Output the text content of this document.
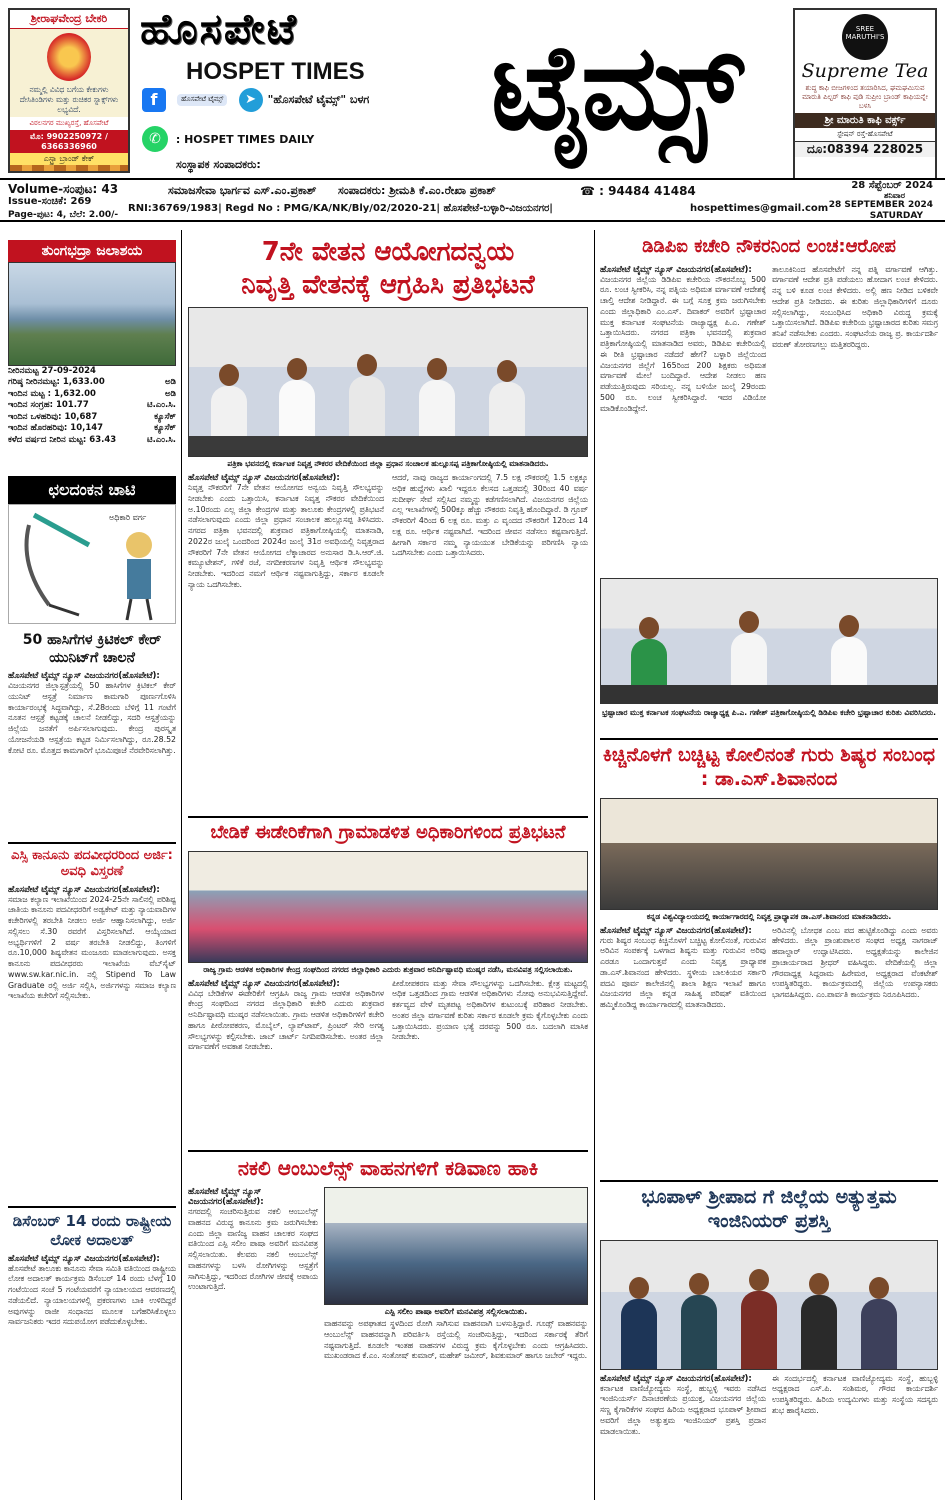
ಶ್ರೀರಾಘವೇಂದ್ರ ಬೇಕರಿ
ನಮ್ಮಲ್ಲಿ ವಿವಿಧ ಬಗೆಯ ಕೇಕುಗಳು ದೇಸಿತಿಂಡಿಗಳು ಮತ್ತು ರುಚಿಕರ ಸ್ನಾಕ್ಸ್‌ಗಳು ಲಭ್ಯವಿದೆ.
ವಿಠಲನಗರ ಮುಖ್ಯರಸ್ತೆ, ಹೊಸಪೇಟೆ
ಮೊ: 9902250972 / 6366336960
ಎಸ್ಟ್ರಾ ಬ್ರಾಂಡ್ ಕೇಕ್
ಹೊಸಪೇಟೆ
HOSPET TIMES	ಟೈಮ್ಸ್
f	ಹೊಸಪೇಟೆ ಟೈಮ್ಸ್ ➤ "ಹೊಸಪೇಟೆ ಟೈಮ್ಸ್" ಬಳಗ
✆ : HOSPET TIMES DAILY
ಸಂಸ್ಥಾಪಕ ಸಂಪಾದಕರು:
SREE MARUTHI'S
Supreme Tea
ಶುದ್ಧ ಕಾಫಿ ಬೀಜಗಳಿಂದ ತಯಾರಿಸಿದ, ಘಮಘಮಿಸುವ ಮಾರುತಿ ಪಿಲ್ಟರ್ ಕಾಫಿ ಪುಡಿ ಸುಪ್ರೀಂ ಬ್ರಾಂಡ್ ಕಾಫಿಯನ್ನೇ ಬಳಸಿ
ಶ್ರೀ ಮಾರುತಿ ಕಾಫಿ ವರ್ಕ್ಸ್
ಸ್ಟೇಷನ್ ರಸ್ತೆ-ಹೊಸಪೇಟೆ
ದೂ:08394 228025
Volume-ಸಂಪುಟ: 43
Issue-ಸಂಚಿಕೆ: 269
Page-ಪುಟ: 4, ಬೆಲೆ: 2.00/-
ಸಮಾಜಸೇವಾ ಭಾರ್ಗವ ಎಸ್.ಎಂ.ಪ್ರಕಾಶ್ ಸಂಪಾದಕರು: ಶ್ರೀಮತಿ ಕೆ.ಎಂ.ರೇಖಾ ಪ್ರಕಾಶ್	☎ : 94484 41484
RNI:36769/1983| Regd No : PMG/KA/NK/Bly/02/2020-21| ಹೊಸಪೇಟೆ-ಬಳ್ಳಾರಿ-ವಿಜಯನಗರ|	hospettimes@gmail.com
28 ಸೆಪ್ಟೆಂಬರ್ 2024
ಶನಿವಾರ
28 SEPTEMBER 2024
SATURDAY
ತುಂಗಭದ್ರಾ ಜಲಾಶಯ
ನೀರಿನಮಟ್ಟ 27-09-2024
ಗರಿಷ್ಠ ನೀರಿನಮಟ್ಟ: 1,633.00	ಅಡಿ
ಇಂದಿನ ಮಟ್ಟ : 1,632.00	ಅಡಿ
ಇಂದಿನ ಸಂಗ್ರಹ: 101.77	ಟಿ.ಎಂ.ಸಿ.
ಇಂದಿನ ಒಳಹರಿವು: 10,687	ಕ್ಯೂಸೆಕ್
ಇಂದಿನ ಹೊರಹರಿವು: 10,147	ಕ್ಯೂಸೆಕ್
ಕಳೆದ ವರ್ಷದ ನೀರಿನ ಮಟ್ಟ: 63.43	ಟಿ.ಎಂ.ಸಿ.
ಛಲದಂಕನ ಚಾಟಿ
ಅಧಿಕಾರಿ ವರ್ಗ
50 ಹಾಸಿಗೆಗಳ ಕ್ರಿಟಿಕಲ್ ಕೇರ್ ಯುನಿಟ್‌ಗೆ ಚಾಲನೆ
ಹೊಸಪೇಟೆ ಟೈಮ್ಸ್ ನ್ಯೂಸ್ ವಿಜಯನಗರ(ಹೊಸಪೇಟೆ):
ವಿಜಯನಗರ ಜಿಲ್ಲಾಸ್ಪತ್ರೆಯಲ್ಲಿ 50 ಹಾಸಿಗೆಗಳ ಕ್ರಿಟಿಕಲ್ ಕೇರ್ ಯುನಿಟ್ ಆಸ್ಪತ್ರೆ ನಿರ್ಮಾಣ ಕಾಮಗಾರಿ ಪೂರ್ಣಗೊಳಿಸಿ ಕಾರ್ಯಾರಂಭಕ್ಕೆ ಸಿದ್ಧವಾಗಿದ್ದು, ಸೆ.28ರಂದು ಬೆಳಿಗ್ಗೆ 11 ಗಂಟೆಗೆ ನೂತನ ಆಸ್ಪತ್ರೆ ಕಟ್ಟಡಕ್ಕೆ ಚಾಲನೆ ನೀಡಲಿದ್ದು, ಸದರಿ ಆಸ್ಪತ್ರೆಯನ್ನು ಜಿಲ್ಲೆಯ ಜನತೆಗೆ ಅರ್ಪಿಸಲಾಗುವುದು. ಕೇಂದ್ರ ಪುರಸ್ಕೃತ ಯೋಜನೆಯಡಿ ಆಸ್ಪತ್ರೆಯ ಕಟ್ಟಡ ನಿರ್ಮಿಸಲಾಗಿದ್ದು, ರೂ.28.52 ಕೋಟಿ ರೂ. ಮೊತ್ತದ ಕಾಮಗಾರಿಗೆ ಭೂಮಿಪೂಜೆ ನೆರವೇರಿಸಲಾಗಿತ್ತು.
ಎಸ್ಸಿ ಕಾನೂನು ಪದವೀಧರರಿಂದ ಅರ್ಜಿ: ಅವಧಿ ವಿಸ್ತರಣೆ
ಹೊಸಪೇಟೆ ಟೈಮ್ಸ್ ನ್ಯೂಸ್ ವಿಜಯನಗರ(ಹೊಸಪೇಟೆ):
ಸಮಾಜ ಕಲ್ಯಾಣ ಇಲಾಖೆಯಿಂದ 2024-25ನೇ ಸಾಲಿನಲ್ಲಿ ಪರಿಶಿಷ್ಟ ಜಾತಿಯ ಕಾನೂನು ಪದವೀಧರರಿಗೆ ಅಡ್ವಕೇಟ್ ಮತ್ತು ನ್ಯಾಯವಾದಿಗಳ ಕಚೇರಿಗಳಲ್ಲಿ ತರಬೇತಿ ನೀಡಲು ಅರ್ಜಿ ಆಹ್ವಾನಿಸಲಾಗಿದ್ದು, ಅರ್ಜಿ ಸಲ್ಲಿಸಲು ಸೆ.30 ರವರೆಗೆ ವಿಸ್ತರಿಸಲಾಗಿದೆ. ಆಯ್ಕೆಯಾದ ಅಭ್ಯರ್ಥಿಗಳಿಗೆ 2 ವರ್ಷ ತರಬೇತಿ ನೀಡಲಿದ್ದು, ತಿಂಗಳಿಗೆ ರೂ.10,000 ಶಿಷ್ಯವೇತನ ಮಂಜೂರು ಮಾಡಲಾಗುವುದು. ಅಸಕ್ತ ಕಾನೂನು ಪದವೀಧರರು ಇಲಾಖೆಯ ವೆಬ್‌ಸೈಟ್ www.sw.kar.nic.in. ನಲ್ಲಿ Stipend To Law Graduate ರಲ್ಲಿ ಅರ್ಜಿ ಸಲ್ಲಿಸಿ, ಅರ್ಜಿಗಳನ್ನು ಸಮಾಜ ಕಲ್ಯಾಣ ಇಲಾಖೆಯ ಕಚೇರಿಗೆ ಸಲ್ಲಿಸಬೇಕು.
ಡಿಸೆಂಬರ್ 14 ರಂದು ರಾಷ್ಟ್ರೀಯ ಲೋಕ ಅದಾಲತ್
ಹೊಸಪೇಟೆ ಟೈಮ್ಸ್ ನ್ಯೂಸ್ ವಿಜಯನಗರ(ಹೊಸಪೇಟೆ):
ಹೊಸಪೇಟೆ ತಾಲೂಕು ಕಾನೂನು ಸೇವಾ ಸಮಿತಿ ವತಿಯಿಂದ ರಾಷ್ಟ್ರೀಯ ಲೋಕ ಅದಾಲತ್ ಕಾರ್ಯಕ್ರಮ ಡಿಸೆಂಬರ್ 14 ರಂದು ಬೆಳಗ್ಗೆ 10 ಗಂಟೆಯಿಂದ ಸಂಜೆ 5 ಗಂಟೆಯವರೆಗೆ ನ್ಯಾಯಾಲಯದ ಆವರಣದಲ್ಲಿ ನಡೆಯಲಿದೆ. ನ್ಯಾಯಾಲಯಗಳಲ್ಲಿ ಪ್ರಕರಣಗಳು ಬಾಕಿ ಉಳಿದಿದ್ದರೆ ಅವುಗಳನ್ನು ರಾಜೀ ಸಂಧಾನದ ಮೂಲಕ ಬಗೆಹರಿಸಿಕೊಳ್ಳಲು ಸಾರ್ವಜನಿಕರು ಇದರ ಸದುಪಯೋಗ ಪಡೆದುಕೊಳ್ಳಬೇಕು.
7ನೇ ವೇತನ ಆಯೋಗದನ್ವಯ
ನಿವೃತ್ತಿ ವೇತನಕ್ಕೆ ಆಗ್ರಹಿಸಿ ಪ್ರತಿಭಟನೆ
ಪತ್ರಿಕಾ ಭವನದಲ್ಲಿ ಕರ್ನಾಟಕ ನಿವೃತ್ತ ನೌಕರರ ವೇದಿಕೆಯಿಂದ ಜಿಲ್ಲಾ ಪ್ರಧಾನ ಸಂಚಾಲಕ ಹುಲ್ಲೂಸಪ್ಪ ಪತ್ರಿಕಾಗೋಷ್ಠಿಯಲ್ಲಿ ಮಾತನಾಡಿದರು.
ಹೊಸಪೇಟೆ ಟೈಮ್ಸ್ ನ್ಯೂಸ್ ವಿಜಯನಗರ(ಹೊಸಪೇಟೆ):
ನಿವೃತ್ತ ನೌಕರರಿಗೆ 7ನೇ ವೇತನ ಆಯೋಗದ ಅನ್ವಯ ನಿವೃತ್ತಿ ಸೌಲಭ್ಯವನ್ನು ನೀಡಬೇಕು ಎಂದು ಒತ್ತಾಯಿಸಿ, ಕರ್ನಾಟಕ ನಿವೃತ್ತ ನೌಕರರ ವೇದಿಕೆಯಿಂದ ಅ.10ರಂದು ಎಲ್ಲ ಜಿಲ್ಲಾ ಕೇಂದ್ರಗಳ ಮತ್ತು ತಾಲೂಕು ಕೇಂದ್ರಗಳಲ್ಲಿ ಪ್ರತಿಭಟನೆ ನಡೆಸಲಾಗುವುದು ಎಂದು ಜಿಲ್ಲಾ ಪ್ರಧಾನ ಸಂಚಾಲಕ ಹುಲ್ಲೂಸಪ್ಪ ತಿಳಿಸಿದರು. ನಗರದ ಪತ್ರಿಕಾ ಭವನದಲ್ಲಿ ಶುಕ್ರವಾರ ಪತ್ರಿಕಾಗೋಷ್ಠಿಯಲ್ಲಿ ಮಾತನಾಡಿ, 2022ರ ಜುಲೈ ಒಂದರಿಂದ 2024ರ ಜುಲೈ 31ರ ಅವಧಿಯಲ್ಲಿ ನಿವೃತ್ತರಾದ ನೌಕರರಿಗೆ 7ನೇ ವೇತನ ಆಯೋಗದ ಲೆಕ್ಕಾಚಾರದ ಅನುಸಾರ ಡಿ.ಸಿ.ಆರ್.ಜಿ. ಕಮ್ಯೂಟೇಶನ್, ಗಳಿಕೆ ರಜೆ, ನಗದೀಕರಣಗಳ ನಿವೃತ್ತಿ ಆರ್ಥಿಕ ಸೌಲಭ್ಯವನ್ನು ನೀಡಬೇಕು. ಇದರಿಂದ ನಮಗೆ ಆರ್ಥಿಕ ನಷ್ಟವಾಗುತ್ತಿದ್ದು, ಸರ್ಕಾರ ಕೂಡಲೇ ನ್ಯಾಯ ಒದಗಿಸಬೇಕು.
ಆದರೆ, ನಾವು ರಾಜ್ಯದ ಕಾರ್ಯಾಂಗದಲ್ಲಿ 7.5 ಲಕ್ಷ ನೌಕರರಲ್ಲಿ 1.5 ಲಕ್ಷಕ್ಕೂ ಅಧಿಕ ಹುದ್ದೆಗಳು ಖಾಲಿ ಇದ್ದರೂ ಕೆಲಸದ ಒತ್ತಡದಲ್ಲಿ 30ರಿಂದ 40 ವರ್ಷ ಸುದೀರ್ಘ ಸೇವೆ ಸಲ್ಲಿಸಿದ ನಮ್ಮನ್ನು ಕಡೆಗಣಿಸಲಾಗಿದೆ. ವಿಜಯನಗರ ಜಿಲ್ಲೆಯ ಎಲ್ಲ ಇಲಾಖೆಗಳಲ್ಲಿ 500ಕ್ಕೂ ಹೆಚ್ಚು ನೌಕರರು ನಿವೃತ್ತಿ ಹೊಂದಿದ್ದಾರೆ. ಡಿ ಗ್ರೂಪ್ ನೌಕರರಿಗೆ 4ರಿಂದ 6 ಲಕ್ಷ ರೂ. ಮತ್ತು ಎ ವೃಂದದ ನೌಕರರಿಗೆ 12ರಿಂದ 14 ಲಕ್ಷ ರೂ. ಆರ್ಥಿಕ ನಷ್ಟವಾಗಿದೆ. ಇದರಿಂದ ಜೀವನ ನಡೆಸಲು ಕಷ್ಟವಾಗುತ್ತಿದೆ. ಹೀಗಾಗಿ ಸರ್ಕಾರ ನಮ್ಮ ನ್ಯಾಯಯುತ ಬೇಡಿಕೆಯನ್ನು ಪರಿಗಣಿಸಿ ನ್ಯಾಯ ಒದಗಿಸಬೇಕು ಎಂದು ಒತ್ತಾಯಿಸಿದರು.
ಬೇಡಿಕೆ ಈಡೇರಿಕೆಗಾಗಿ ಗ್ರಾಮಾಡಳಿತ ಅಧಿಕಾರಿಗಳಿಂದ ಪ್ರತಿಭಟನೆ
ರಾಜ್ಯ ಗ್ರಾಮ ಆಡಳಿತ ಅಧಿಕಾರಿಗಳ ಕೇಂದ್ರ ಸಂಘದಿಂದ ನಗರದ ಜಿಲ್ಲಾಧಿಕಾರಿ ಎದುರು ಶುಕ್ರವಾರ ಅನಿರ್ದಿಷ್ಟಾವಧಿ ಮುಷ್ಕರ ನಡೆಸಿ, ಮನವಿಪತ್ರ ಸಲ್ಲಿಸಲಾಯಿತು.
ಹೊಸಪೇಟೆ ಟೈಮ್ಸ್ ನ್ಯೂಸ್ ವಿಜಯನಗರ(ಹೊಸಪೇಟೆ):
ವಿವಿಧ ಬೇಡಿಕೆಗಳ ಈಡೇರಿಕೆಗೆ ಆಗ್ರಹಿಸಿ ರಾಜ್ಯ ಗ್ರಾಮ ಆಡಳಿತ ಅಧಿಕಾರಿಗಳ ಕೇಂದ್ರ ಸಂಘದಿಂದ ನಗರದ ಜಿಲ್ಲಾಧಿಕಾರಿ ಕಚೇರಿ ಎದುರು ಶುಕ್ರವಾರ ಅನಿರ್ದಿಷ್ಟಾವಧಿ ಮುಷ್ಕರ ನಡೆಸಲಾಯಿತು. ಗ್ರಾಮ ಆಡಳಿತ ಅಧಿಕಾರಿಗಳಿಗೆ ಕಚೇರಿ ಹಾಗೂ ಪೀಠೋಪಕರಣ, ಮೊಬೈಲ್, ಲ್ಯಾಪ್‌ಟಾಪ್, ಪ್ರಿಂಟರ್ ಸೇರಿ ಅಗತ್ಯ ಸೌಲಭ್ಯಗಳನ್ನು ಕಲ್ಪಿಸಬೇಕು. ಜಾಬ್ ಚಾರ್ಟ್ ನಿಗದಿಪಡಿಸಬೇಕು. ಅಂತರ ಜಿಲ್ಲಾ ವರ್ಗಾವಣೆಗೆ ಅವಕಾಶ ನೀಡಬೇಕು.
ಪೀಠೋಪಕರಣ ಮತ್ತು ಸೇವಾ ಸೌಲಭ್ಯಗಳನ್ನು ಒದಗಿಸಬೇಕು. ಕ್ಷೇತ್ರ ಮಟ್ಟದಲ್ಲಿ ಅಧಿಕ ಒತ್ತಡದಿಂದ ಗ್ರಾಮ ಆಡಳಿತ ಅಧಿಕಾರಿಗಳು ನೋವು ಅನುಭವಿಸುತ್ತಿದ್ದೇವೆ. ಕರ್ತವ್ಯದ ವೇಳೆ ಮೃತಪಟ್ಟ ಅಧಿಕಾರಿಗಳ ಕುಟುಂಬಕ್ಕೆ ಪರಿಹಾರ ನೀಡಬೇಕು. ಅಂತರ ಜಿಲ್ಲಾ ವರ್ಗಾವಣೆ ಕುರಿತು ಸರ್ಕಾರ ಕೂಡಲೇ ಕ್ರಮ ಕೈಗೊಳ್ಳಬೇಕು ಎಂದು ಒತ್ತಾಯಿಸಿದರು. ಪ್ರಯಾಣ ಭತ್ಯೆ ದರವನ್ನು 500 ರೂ. ಬದಲಾಗಿ ಮಾಸಿಕ ನೀಡಬೇಕು.
ನಕಲಿ ಆಂಬುಲೆನ್ಸ್ ವಾಹನಗಳಿಗೆ ಕಡಿವಾಣ ಹಾಕಿ
ಹೊಸಪೇಟೆ ಟೈಮ್ಸ್ ನ್ಯೂಸ್ ವಿಜಯನಗರ(ಹೊಸಪೇಟೆ):
ನಗರದಲ್ಲಿ ಸಂಚರಿಸುತ್ತಿರುವ ನಕಲಿ ಆಂಬುಲೆನ್ಸ್ ವಾಹನದ ವಿರುದ್ಧ ಕಾನೂನು ಕ್ರಮ ಜರುಗಿಸಬೇಕು ಎಂದು ಜಿಲ್ಲಾ ವಾಣಿಜ್ಯ ವಾಹನ ಚಾಲಕರ ಸಂಘದ ವತಿಯಿಂದ ಎಸ್ಪಿ ಸಲೀಂ ಪಾಷಾ ಅವರಿಗೆ ಮನವಿಪತ್ರ ಸಲ್ಲಿಸಲಾಯಿತು. ಕೆಲವರು ನಕಲಿ ಆಂಬುಲೆನ್ಸ್ ವಾಹನಗಳನ್ನು ಬಳಸಿ ರೋಗಿಗಳನ್ನು ಆಸ್ಪತ್ರೆಗೆ ಸಾಗಿಸುತ್ತಿದ್ದು, ಇದರಿಂದ ರೋಗಿಗಳ ಜೀವಕ್ಕೆ ಅಪಾಯ ಉಂಟಾಗುತ್ತಿದೆ.
ಎಸ್ಪಿ ಸಲೀಂ ಪಾಷಾ ಅವರಿಗೆ ಮನವಿಪತ್ರ ಸಲ್ಲಿಸಲಾಯಿತು.
ವಾಹನವನ್ನು ಅಪಘಾತದ ಸ್ಥಳದಿಂದ ರೋಗಿ ಸಾಗಿಸುವ ವಾಹನವಾಗಿ ಬಳಸುತ್ತಿದ್ದಾರೆ. ಗೂಡ್ಸ್ ವಾಹನವನ್ನು ಆಂಬುಲೆನ್ಸ್ ವಾಹನವನ್ನಾಗಿ ಪರಿವರ್ತಿಸಿ ರಸ್ತೆಯಲ್ಲಿ ಸಂಚರಿಸುತ್ತಿದ್ದು, ಇದರಿಂದ ಸರ್ಕಾರಕ್ಕೆ ತೆರಿಗೆ ನಷ್ಟವಾಗುತ್ತಿದೆ. ಕೂಡಲೇ ಇಂತಹ ವಾಹನಗಳ ವಿರುದ್ಧ ಕ್ರಮ ಕೈಗೊಳ್ಳಬೇಕು ಎಂದು ಆಗ್ರಹಿಸಿದರು. ಮುಖಂಡರಾದ ಕೆ.ಎಂ. ಸಂತೋಷ್ ಕುಮಾರ್, ಮಹೇಶ್ ಜಮೀರ್, ಶಿವಕುಮಾರ್ ಹಾಗೂ ಜಬೇರ್ ಇದ್ದರು.
ಡಿಡಿಪಿಐ ಕಚೇರಿ ನೌಕರನಿಂದ ಲಂಚ:ಆರೋಪ
ಹೊಸಪೇಟೆ ಟೈಮ್ಸ್ ನ್ಯೂಸ್ ವಿಜಯನಗರ(ಹೊಸಪೇಟೆ):
ವಿಜಯನಗರ ಜಿಲ್ಲೆಯ ಡಿಡಿಪಿಐ ಕಚೇರಿಯ ನೌಕರನೊಬ್ಬ 500 ರೂ. ಲಂಚ ಸ್ವೀಕರಿಸಿ, ನನ್ನ ಪತ್ನಿಯ ಅಧಿಮತ ವರ್ಗಾವಣೆ ಆದೇಶಕ್ಕೆ ಚಾಲ್ತಿ ಆದೇಶ ನೀಡಿದ್ದಾರೆ. ಈ ಬಗ್ಗೆ ಸೂಕ್ತ ಕ್ರಮ ಜರುಗಿಸಬೇಕು ಎಂದು ಜಿಲ್ಲಾಧಿಕಾರಿ ಎಂ.ಎಸ್. ದಿವಾಕರ್ ಅವರಿಗೆ ಭ್ರಷ್ಟಾಚಾರ ಮುಕ್ತ ಕರ್ನಾಟಕ ಸಂಘಟನೆಯ ರಾಜ್ಯಾಧ್ಯಕ್ಷ ಪಿ.ಎ. ಗಣೇಶ್ ಒತ್ತಾಯಿಸಿದರು. ನಗರದ ಪತ್ರಿಕಾ ಭವನದಲ್ಲಿ ಶುಕ್ರವಾರ ಪತ್ರಿಕಾಗೋಷ್ಠಿಯಲ್ಲಿ ಮಾತನಾಡಿದ ಅವರು, ಡಿಡಿಪಿಐ ಕಚೇರಿಯಲ್ಲಿ ಈ ರೀತಿ ಭ್ರಷ್ಟಾಚಾರ ನಡೆದರೆ ಹೇಗೆ? ಬಳ್ಳಾರಿ ಜಿಲ್ಲೆಯಿಂದ ವಿಜಯನಗರ ಜಿಲ್ಲೆಗೆ 165ರಿಂದ 200 ಶಿಕ್ಷಕರು ಅಧಿಮತ ವರ್ಗಾವಣೆ ಮೇಲೆ ಬಂದಿದ್ದಾರೆ. ಆದೇಶ ನೀಡಲು ಹಣ ಪಡೆಯುತ್ತಿರುವುದು ಸರಿಯಲ್ಲ. ನನ್ನ ಬಳಿಯೇ ಜುಲೈ 29ರಂದು 500 ರೂ. ಲಂಚ ಸ್ವೀಕರಿಸಿದ್ದಾರೆ. ಇದರ ವಿಡಿಯೋ ಮಾಡಿಕೊಂಡಿದ್ದೇನೆ.
ತಾಲೂಕಿನಿಂದ ಹೊಸಪೇಟೆಗೆ ನನ್ನ ಪತ್ನಿ ವರ್ಗಾವಣೆ ಆಗಿತ್ತು. ವರ್ಗಾವಣೆ ಆದೇಶ ಪ್ರತಿ ಪಡೆಯಲು ಹೋದಾಗ ಲಂಚ ಕೇಳಿದರು. ನನ್ನ ಬಳಿ ಕೂಡ ಲಂಚ ಕೇಳಿದರು. ಅಲ್ಲಿ ಹಣ ನೀಡಿದ ಬಳಿಕವೇ ಆದೇಶ ಪ್ರತಿ ನೀಡಿದರು. ಈ ಕುರಿತು ಜಿಲ್ಲಾಧಿಕಾರಿಗಳಿಗೆ ದೂರು ಸಲ್ಲಿಸಲಾಗಿದ್ದು, ಸಂಬಂಧಿಸಿದ ಅಧಿಕಾರಿ ವಿರುದ್ಧ ಕ್ರಮಕ್ಕೆ ಒತ್ತಾಯಿಸಲಾಗಿದೆ. ಡಿಡಿಪಿಐ ಕಚೇರಿಯ ಭ್ರಷ್ಟಾಚಾರದ ಕುರಿತು ಸಮಗ್ರ ತನಿಖೆ ನಡೆಸಬೇಕು ಎಂದರು. ಸಂಘಟನೆಯ ರಾಜ್ಯ ಪ್ರ. ಕಾರ್ಯದರ್ಶಿ ವರುಣ್ ತೋರಣಗಲ್ಲು ಮತ್ತಿತರರಿದ್ದರು.
ಭ್ರಷ್ಟಾಚಾರ ಮುಕ್ತ ಕರ್ನಾಟಕ ಸಂಘಟನೆಯ ರಾಜ್ಯಾಧ್ಯಕ್ಷ ಪಿ.ಎ. ಗಣೇಶ್ ಪತ್ರಿಕಾಗೋಷ್ಠಿಯಲ್ಲಿ ಡಿಡಿಪಿಐ ಕಚೇರಿ ಭ್ರಷ್ಟಾಚಾರ ಕುರಿತು ವಿವರಿಸಿದರು.
ಕಿಚ್ಚಿನೊಳಗೆ ಬಚ್ಚಿಟ್ಟ ಕೋಲಿನಂತೆ ಗುರು ಶಿಷ್ಯರ ಸಂಬಂಧ : ಡಾ.ಎಸ್.ಶಿವಾನಂದ
ಕನ್ನಡ ವಿಶ್ವವಿದ್ಯಾಲಯದಲ್ಲಿ ಕಾರ್ಯಾಗಾರದಲ್ಲಿ ನಿವೃತ್ತ ಪ್ರಾಧ್ಯಾಪಕ ಡಾ.ಎಸ್.ಶಿವಾನಂದ ಮಾತನಾಡಿದರು.
ಹೊಸಪೇಟೆ ಟೈಮ್ಸ್ ನ್ಯೂಸ್ ವಿಜಯನಗರ(ಹೊಸಪೇಟೆ):
ಗುರು ಶಿಷ್ಯರ ಸಂಬಂಧ ಕಿಚ್ಚಿನೊಳಗೆ ಬಚ್ಚಿಟ್ಟ ಕೋಲಿನಂತೆ, ಗುರುವಿನ ಅರಿವಿನ ಸಂಪರ್ಕಕ್ಕೆ ಒಳಗಾದ ಶಿಷ್ಯನು ಮತ್ತು ಗುರುವಿನ ಅರಿವು ಎರಡೂ ಒಂದಾಗುತ್ತವೆ ಎಂದು ನಿವೃತ್ತ ಪ್ರಾಧ್ಯಾಪಕ ಡಾ.ಎಸ್.ಶಿವಾನಂದ ಹೇಳಿದರು. ಸ್ಥಳೀಯ ಬಾಲಕಿಯರ ಸರ್ಕಾರಿ ಪದವಿ ಪೂರ್ವ ಕಾಲೇಜಿನಲ್ಲಿ ಶಾಲಾ ಶಿಕ್ಷಣ ಇಲಾಖೆ ಹಾಗೂ ವಿಜಯನಗರ ಜಿಲ್ಲಾ ಕನ್ನಡ ಸಾಹಿತ್ಯ ಪರಿಷತ್ ವತಿಯಿಂದ ಹಮ್ಮಿಕೊಂಡಿದ್ದ ಕಾರ್ಯಾಗಾರದಲ್ಲಿ ಮಾತನಾಡಿದರು.
ಅರಿವಿನಲ್ಲಿ ಬೋಧಕ ಎಂಬ ಪದ ಹುಟ್ಟಿಕೊಂಡಿದ್ದು ಎಂದು ಅವರು ಹೇಳಿದರು. ಜಿಲ್ಲಾ ಪ್ರಾಂಶುಪಾಲರ ಸಂಘದ ಅಧ್ಯಕ್ಷ ನಾಗರಾಜ್ ಹವಾಲ್ದಾರ್ ಉದ್ಘಾಟಿಸಿದರು. ಅಧ್ಯಕ್ಷತೆಯನ್ನು ಕಾಲೇಜಿನ ಪ್ರಾಚಾರ್ಯರಾದ ಶ್ರೀಧರ್ ವಹಿಸಿದ್ದರು. ವೇದಿಕೆಯಲ್ಲಿ ಜಿಲ್ಲಾ ಗೌರವಾಧ್ಯಕ್ಷ ಸಿದ್ದರಾಮ ಹಿರೇಮಠ, ಅಧ್ಯಕ್ಷರಾದ ವೆಂಕಟೇಶ್ ಉಪಸ್ಥಿತರಿದ್ದರು. ಕಾರ್ಯಕ್ರಮದಲ್ಲಿ ಜಿಲ್ಲೆಯ ಉಪನ್ಯಾಸಕರು ಭಾಗವಹಿಸಿದ್ದರು. ಎಂ.ಪಾರ್ವತಿ ಕಾರ್ಯಕ್ರಮ ನಿರೂಪಿಸಿದರು.
ಭೂಪಾಳ್ ಶ್ರೀಪಾದ ಗೆ ಜಿಲ್ಲೆಯ ಅತ್ಯುತ್ತಮ ಇಂಜಿನಿಯರ್ ಪ್ರಶಸ್ತಿ
ಹೊಸಪೇಟೆ ಟೈಮ್ಸ್ ನ್ಯೂಸ್ ವಿಜಯನಗರ(ಹೊಸಪೇಟೆ):
ಕರ್ನಾಟಕ ವಾಣಿಜ್ಯೋದ್ಯಮ ಸಂಸ್ಥೆ, ಹುಬ್ಬಳ್ಳಿ ಇವರು ನಡೆಸಿದ ಇಂಜಿನಿಯರ್ಸ್ ದಿನಾಚರಣೆಯ ಪ್ರಯುಕ್ತ, ವಿಜಯನಗರ ಜಿಲ್ಲೆಯ ಸಣ್ಣ ಕೈಗಾರಿಕೆಗಳ ಸಂಘದ ಹಿರಿಯ ಅಧ್ಯಕ್ಷರಾದ ಭೂಪಾಳ್ ಶ್ರೀಪಾದ ಅವರಿಗೆ ಜಿಲ್ಲಾ ಅತ್ಯುತ್ತಮ ಇಂಜಿನಿಯರ್ ಪ್ರಶಸ್ತಿ ಪ್ರದಾನ ಮಾಡಲಾಯಿತು.
ಈ ಸಂದರ್ಭದಲ್ಲಿ ಕರ್ನಾಟಕ ವಾಣಿಜ್ಯೋದ್ಯಮ ಸಂಸ್ಥೆ, ಹುಬ್ಬಳ್ಳಿ ಅಧ್ಯಕ್ಷರಾದ ಎಸ್.ಪಿ. ಸಂಶಿಮಠ, ಗೌರವ ಕಾರ್ಯದರ್ಶಿ ಉಪಸ್ಥಿತರಿದ್ದರು. ಹಿರಿಯ ಉದ್ಯಮಿಗಳು ಮತ್ತು ಸಂಸ್ಥೆಯ ಸದಸ್ಯರು ಶುಭ ಹಾರೈಸಿದರು.
